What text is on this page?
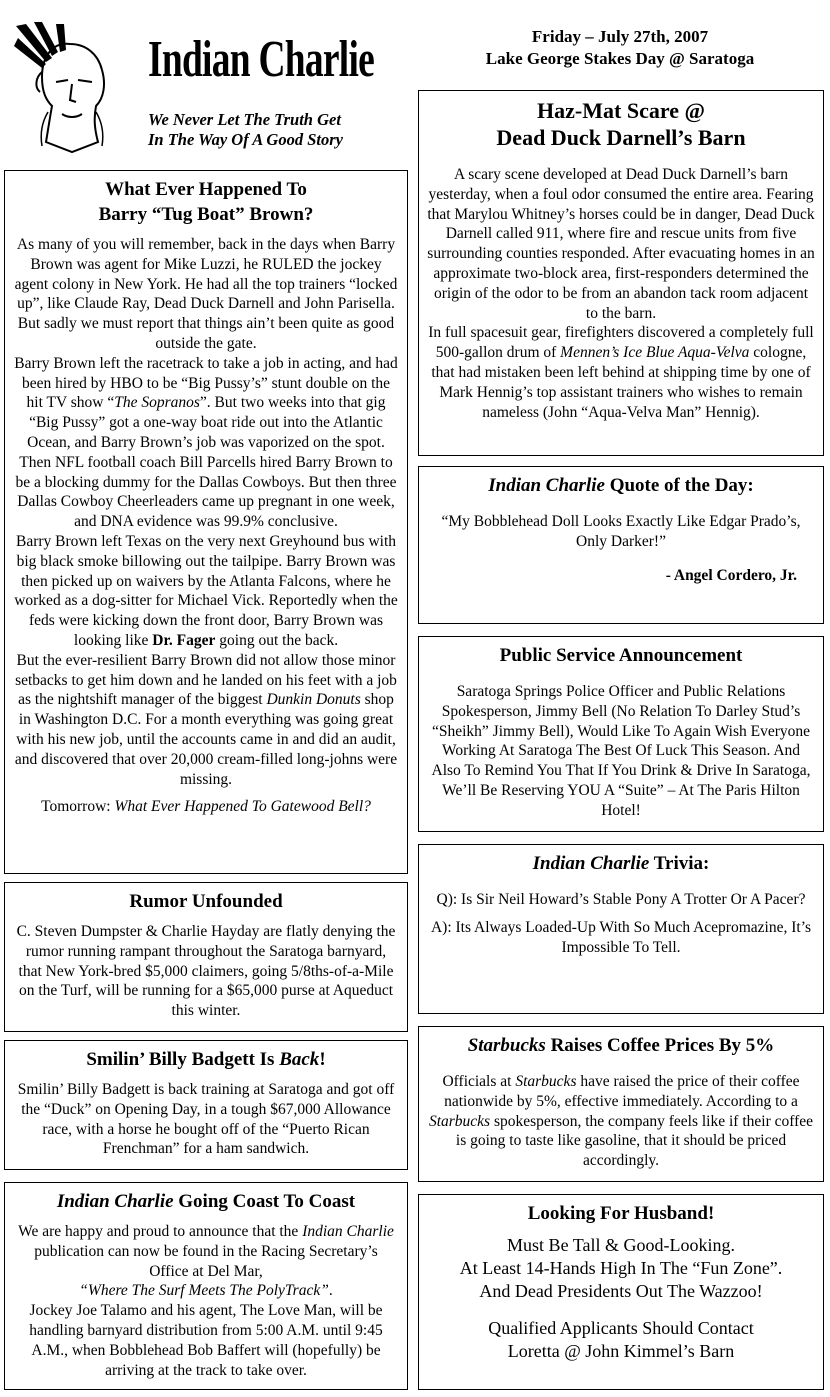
Indian Charlie
We Never Let The Truth Get
In The Way Of A Good Story
Friday – July 27th, 2007
Lake George Stakes Day @ Saratoga
What Ever Happened To
Barry “Tug Boat” Brown?

As many of you will remember, back in the days when Barry Brown was agent for Mike Luzzi, he RULED the jockey agent colony in New York. He had all the top trainers “locked up”, like Claude Ray, Dead Duck Darnell and John Parisella. But sadly we must report that things ain’t been quite as good outside the gate.
Barry Brown left the racetrack to take a job in acting, and had been hired by HBO to be “Big Pussy’s” stunt double on the hit TV show “The Sopranos”. But two weeks into that gig “Big Pussy” got a one-way boat ride out into the Atlantic Ocean, and Barry Brown’s job was vaporized on the spot. Then NFL football coach Bill Parcells hired Barry Brown to be a blocking dummy for the Dallas Cowboys. But then three Dallas Cowboy Cheerleaders came up pregnant in one week, and DNA evidence was 99.9% conclusive.
Barry Brown left Texas on the very next Greyhound bus with big black smoke billowing out the tailpipe. Barry Brown was then picked up on waivers by the Atlanta Falcons, where he worked as a dog-sitter for Michael Vick. Reportedly when the feds were kicking down the front door, Barry Brown was looking like Dr. Fager going out the back.
But the ever-resilient Barry Brown did not allow those minor setbacks to get him down and he landed on his feet with a job as the nightshift manager of the biggest Dunkin Donuts shop in Washington D.C. For a month everything was going great with his new job, until the accounts came in and did an audit, and discovered that over 20,000 cream-filled long-johns were missing.

Tomorrow: What Ever Happened To Gatewood Bell?

Rumor Unfounded

C. Steven Dumpster & Charlie Hayday are flatly denying the rumor running rampant throughout the Saratoga barnyard, that New York-bred $5,000 claimers, going 5/8ths-of-a-Mile on the Turf, will be running for a $65,000 purse at Aqueduct this winter.

Smilin’ Billy Badgett Is Back!

Smilin’ Billy Badgett is back training at Saratoga and got off the “Duck” on Opening Day, in a tough $67,000 Allowance race, with a horse he bought off of the “Puerto Rican Frenchman” for a ham sandwich.

Indian Charlie Going Coast To Coast

We are happy and proud to announce that the Indian Charlie publication can now be found in the Racing Secretary’s Office at Del Mar,
“Where The Surf Meets The PolyTrack”.
Jockey Joe Talamo and his agent, The Love Man, will be handling barnyard distribution from 5:00 A.M. until 9:45 A.M., when Bobblehead Bob Baffert will (hopefully) be arriving at the track to take over.

Haz-Mat Scare @
Dead Duck Darnell’s Barn

A scary scene developed at Dead Duck Darnell’s barn yesterday, when a foul odor consumed the entire area. Fearing that Marylou Whitney’s horses could be in danger, Dead Duck Darnell called 911, where fire and rescue units from five surrounding counties responded. After evacuating homes in an approximate two-block area, first-responders determined the origin of the odor to be from an abandon tack room adjacent to the barn.
In full spacesuit gear, firefighters discovered a completely full 500-gallon drum of Mennen’s Ice Blue Aqua-Velva cologne, that had mistaken been left behind at shipping time by one of Mark Hennig’s top assistant trainers who wishes to remain nameless (John “Aqua-Velva Man” Hennig).

Indian Charlie Quote of the Day:

“My Bobblehead Doll Looks Exactly Like Edgar Prado’s, Only Darker!”

- Angel Cordero, Jr.

Public Service Announcement

Saratoga Springs Police Officer and Public Relations Spokesperson, Jimmy Bell (No Relation To Darley Stud’s “Sheikh” Jimmy Bell), Would Like To Again Wish Everyone Working At Saratoga The Best Of Luck This Season. And Also To Remind You That If You Drink & Drive In Saratoga, We’ll Be Reserving YOU A “Suite” – At The Paris Hilton Hotel!

Indian Charlie Trivia:

Q): Is Sir Neil Howard’s Stable Pony A Trotter Or A Pacer?

A): Its Always Loaded-Up With So Much Acepromazine, It’s Impossible To Tell.

Starbucks Raises Coffee Prices By 5%

Officials at Starbucks have raised the price of their coffee nationwide by 5%, effective immediately. According to a Starbucks spokesperson, the company feels like if their coffee is going to taste like gasoline, that it should be priced accordingly.

Looking For Husband!

Must Be Tall & Good-Looking.
At Least 14-Hands High In The “Fun Zone”.
And Dead Presidents Out The Wazzoo!

Qualified Applicants Should Contact
Loretta @ John Kimmel’s Barn
